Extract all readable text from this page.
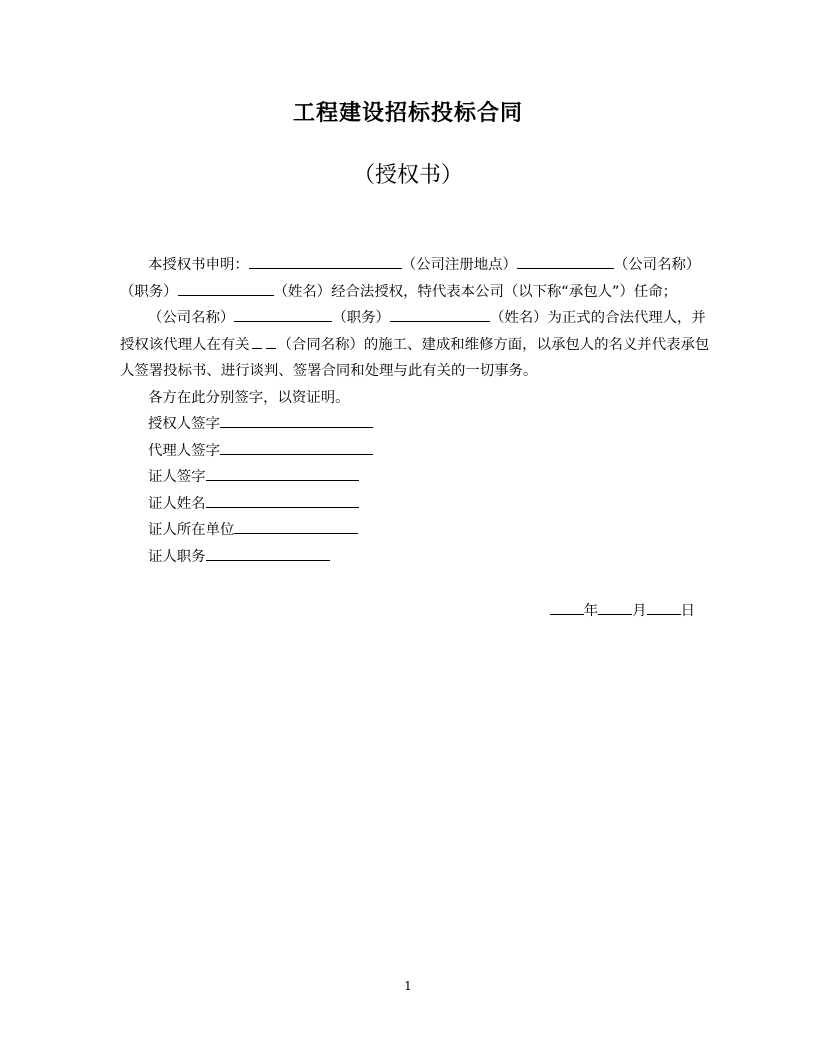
工程建设招标投标合同
（授权书）
本授权书申明：	（公司注册地点）	（公司名称）
（职务）	（姓名）经合法授权，特代表本公司（以下称“承包人”）任命；
（公司名称）	（职务）	（姓名）为正式的合法代理人，并
授权该代理人在有关 （合同名称）的施工、建成和维修方面，以承包人的名义并代表承包
人签署投标书、进行谈判、签署合同和处理与此有关的一切事务。
各方在此分别签字，以资证明。
授权人签字
代理人签字
证人签字
证人姓名
证人所在单位
证人职务
年 月 日
1
